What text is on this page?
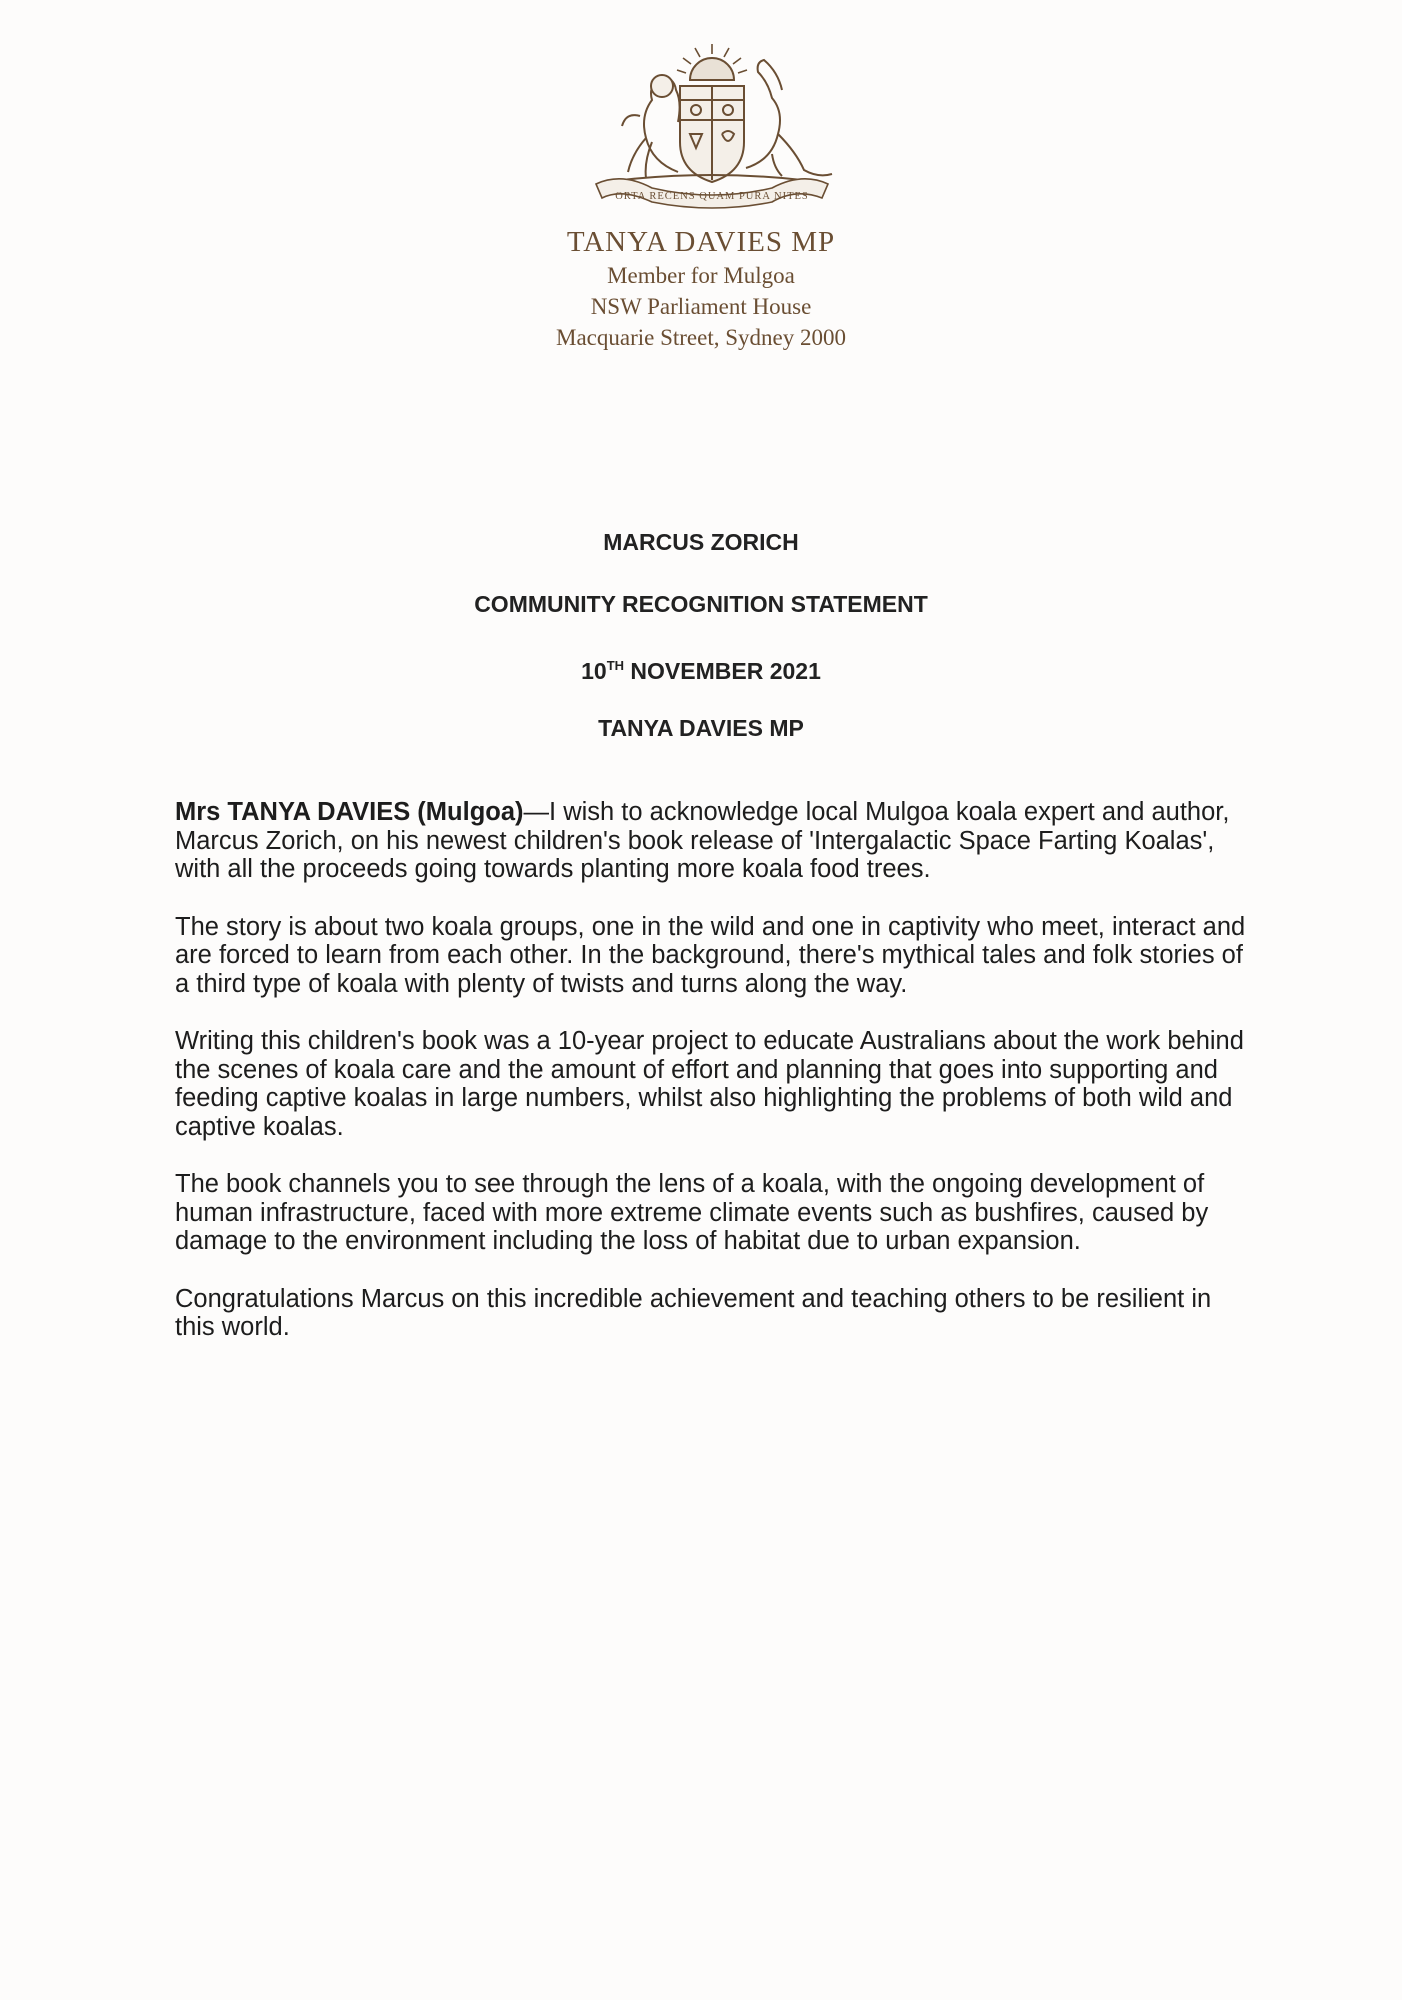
ORTA RECENS QUAM PURA NITES
TANYA DAVIES MP
Member for Mulgoa
NSW Parliament House
Macquarie Street, Sydney 2000
MARCUS ZORICH
COMMUNITY RECOGNITION STATEMENT
10TH NOVEMBER 2021
TANYA DAVIES MP

Mrs TANYA DAVIES (Mulgoa)—I wish to acknowledge local Mulgoa koala expert and author, Marcus Zorich, on his newest children's book release of 'Intergalactic Space Farting Koalas', with all the proceeds going towards planting more koala food trees.

The story is about two koala groups, one in the wild and one in captivity who meet, interact and are forced to learn from each other. In the background, there's mythical tales and folk stories of a third type of koala with plenty of twists and turns along the way.

Writing this children's book was a 10-year project to educate Australians about the work behind the scenes of koala care and the amount of effort and planning that goes into supporting and feeding captive koalas in large numbers, whilst also highlighting the problems of both wild and captive koalas.

The book channels you to see through the lens of a koala, with the ongoing development of human infrastructure, faced with more extreme climate events such as bushfires, caused by damage to the environment including the loss of habitat due to urban expansion.

Congratulations Marcus on this incredible achievement and teaching others to be resilient in this world.
